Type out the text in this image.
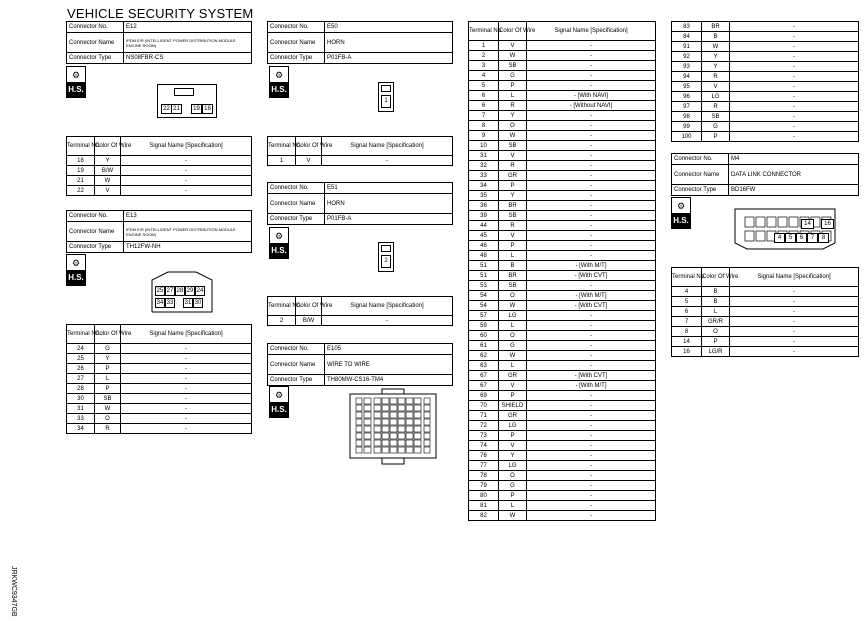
VEHICLE SECURITY SYSTEM
JRKWC9347GB
Connector No.	E12
Connector Name	IPDM E/R (INTELLIGENT POWER DISTRIBUTION MODULE ENGINE ROOM)
Connector Type	NS08FBR-CS
⚙
H.S.
22 21	19 18
Terminal No.	Color Of Wire	Signal Name [Specification]
18	Y	-
19	B/W	-
21	W	-
22	V	-
Connector No.	E13
Connector Name	IPDM E/R (INTELLIGENT POWER DISTRIBUTION MODULE ENGINE ROOM)
Connector Type	TH12FW-NH
⚙
H.S.
25 27 28 29 24
34 33 31 30
Terminal No.	Color Of Wire	Signal Name [Specification]
24	G	-
25	Y	-
26	P	-
27	L	-
28	P	-
30	SB	-
31	W	-
33	O	-
34	R	-
Connector No.	E50
Connector Name	HORN
Connector Type	P01FB-A
⚙
H.S.
1
Terminal No.	Color Of Wire	Signal Name [Specification]
1	V	-
Connector No.	E51
Connector Name	HORN
Connector Type	P01FB-A
⚙
H.S.
2
Terminal No.	Color Of Wire	Signal Name [Specification]
2	B/W	-
Connector No.	E105
Connector Name	WIRE TO WIRE
Connector Type	TH80MW-CS16-TM4
⚙
H.S.
Terminal No.	Color Of Wire	Signal Name [Specification]
1	V	-
2	W	-
3	SB	-
4	G	-
5	P	-
6	L	- [With NAVI]
6	R	- [Without NAVI]
7	Y	-
8	O	-
9	W	-
10	SB	-
31	V	-
32	R	-
33	GR	-
34	P	-
35	Y	-
36	BR	-
39	SB	-
44	R	-
45	V	-
46	P	-
48	L	-
51	B	- [With M/T]
51	BR	- [With CVT]
53	SB	-
54	O	- [With M/T]
54	W	- [With CVT]
57	LG	-
59	L	-
60	O	-
61	G	-
62	W	-
63	L	-
67	GR	- [With CVT]
67	V	- [With M/T]
69	P	-
70	SHIELD	-
71	GR	-
72	LG	-
73	P	-
74	V	-
76	Y	-
77	LG	-
78	O	-
79	G	-
80	P	-
81	L	-
82	W	-
83	BR	-
84	B	-
91	W	-
92	Y	-
93	Y	-
94	R	-
95	V	-
96	LG	-
97	R	-
98	SB	-
99	G	-
100	P	-
Connector No.	M4
Connector Name	DATA LINK CONNECTOR
Connector Type	BD16FW
⚙
H.S.	14	16
4	5	6	7	8
Terminal No.	Color Of Wire	Signal Name [Specification]
4	B	-
5	B	-
6	L	-
7	GR/R	-
8	O	-
14	P	-
16	LG/R	-
